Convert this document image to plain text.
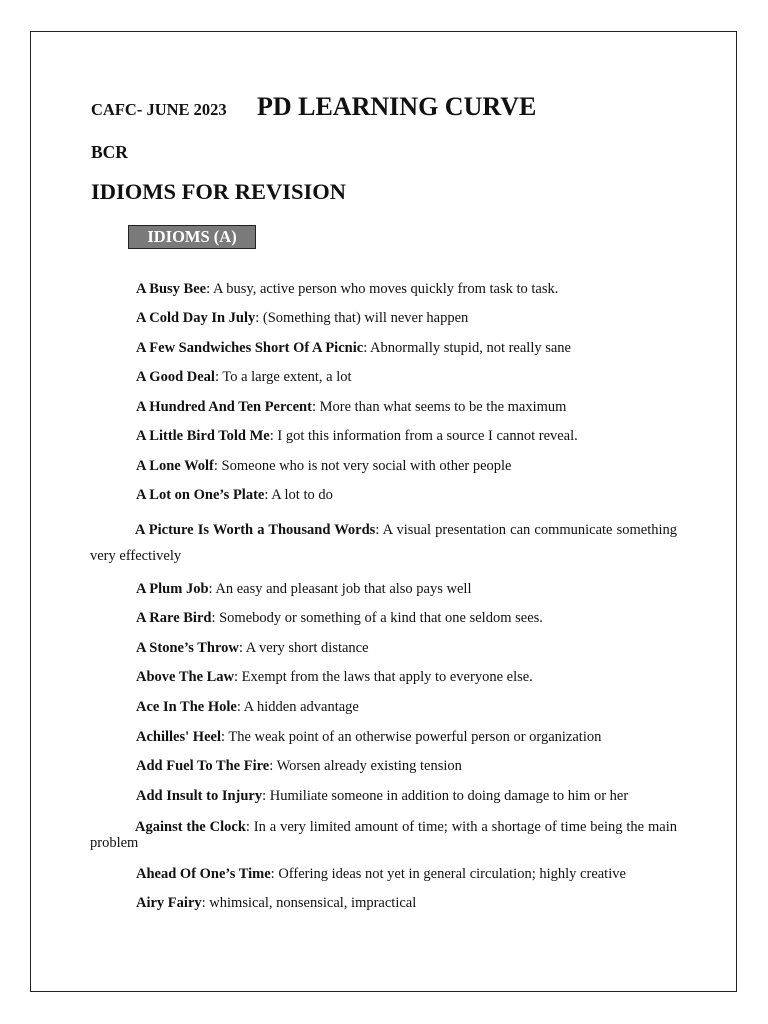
CAFC- JUNE 2023 PD LEARNING CURVE
BCR
IDIOMS FOR REVISION
IDIOMS (A)
A Busy Bee: A busy, active person who moves quickly from task to task.
A Cold Day In July: (Something that) will never happen
A Few Sandwiches Short Of A Picnic: Abnormally stupid, not really sane
A Good Deal: To a large extent, a lot
A Hundred And Ten Percent: More than what seems to be the maximum
A Little Bird Told Me: I got this information from a source I cannot reveal.
A Lone Wolf: Someone who is not very social with other people
A Lot on One’s Plate: A lot to do
A Picture Is Worth a Thousand Words: A visual presentation can communicate something very effectively
A Plum Job: An easy and pleasant job that also pays well
A Rare Bird: Somebody or something of a kind that one seldom sees.
A Stone’s Throw: A very short distance
Above The Law: Exempt from the laws that apply to everyone else.
Ace In The Hole: A hidden advantage
Achilles' Heel: The weak point of an otherwise powerful person or organization
Add Fuel To The Fire: Worsen already existing tension
Add Insult to Injury: Humiliate someone in addition to doing damage to him or her
Against the Clock: In a very limited amount of time; with a shortage of time being the main problem
Ahead Of One’s Time: Offering ideas not yet in general circulation; highly creative
Airy Fairy: whimsical, nonsensical, impractical
